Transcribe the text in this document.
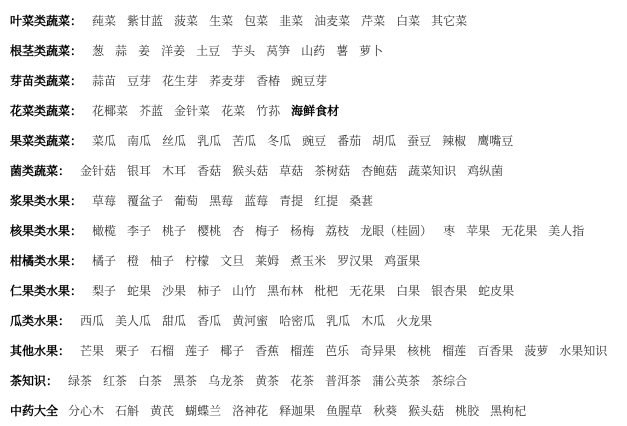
叶菜类蔬菜： 莼菜 紫甘蓝 菠菜 生菜 包菜 韭菜 油麦菜 芹菜 白菜 其它菜
根茎类蔬菜： 葱 蒜 姜 洋姜 土豆 芋头 莴笋 山药 薯 萝卜
芽苗类蔬菜： 蒜苗 豆芽 花生芽 荞麦芽 香椿 豌豆芽
花菜类蔬菜： 花椰菜 芥蓝 金针菜 花菜 竹荪 海鲜食材
果菜类蔬菜： 菜瓜 南瓜 丝瓜 乳瓜 苦瓜 冬瓜 豌豆 番茄 胡瓜 蚕豆 辣椒 鹰嘴豆
菌类蔬菜： 金针菇 银耳 木耳 香菇 猴头菇 草菇 茶树菇 杏鲍菇 蔬菜知识 鸡纵菌
浆果类水果： 草莓 覆盆子 葡萄 黑莓 蓝莓 青提 红提 桑葚
核果类水果： 橄榄 李子 桃子 樱桃 杏 梅子 杨梅 荔枝 龙眼（桂圆） 枣 苹果 无花果 美人指
柑橘类水果： 橘子 橙 柚子 柠檬 文旦 莱姆 煮玉米 罗汉果 鸡蛋果
仁果类水果： 梨子 蛇果 沙果 柿子 山竹 黑布林 枇杷 无花果 白果 银杏果 蛇皮果
瓜类水果： 西瓜 美人瓜 甜瓜 香瓜 黄河蜜 哈密瓜 乳瓜 木瓜 火龙果
其他水果： 芒果 栗子 石榴 莲子 椰子 香蕉 榴莲 芭乐 奇异果 核桃 榴莲 百香果 菠萝 水果知识
茶知识： 绿茶 红茶 白茶 黑茶 乌龙茶 黄茶 花茶 普洱茶 蒲公英茶 茶综合
中药大全 分心木 石斛 黄芪 蝴蝶兰 洛神花 释迦果 鱼腥草 秋葵 猴头菇 桃胶 黑枸杞
